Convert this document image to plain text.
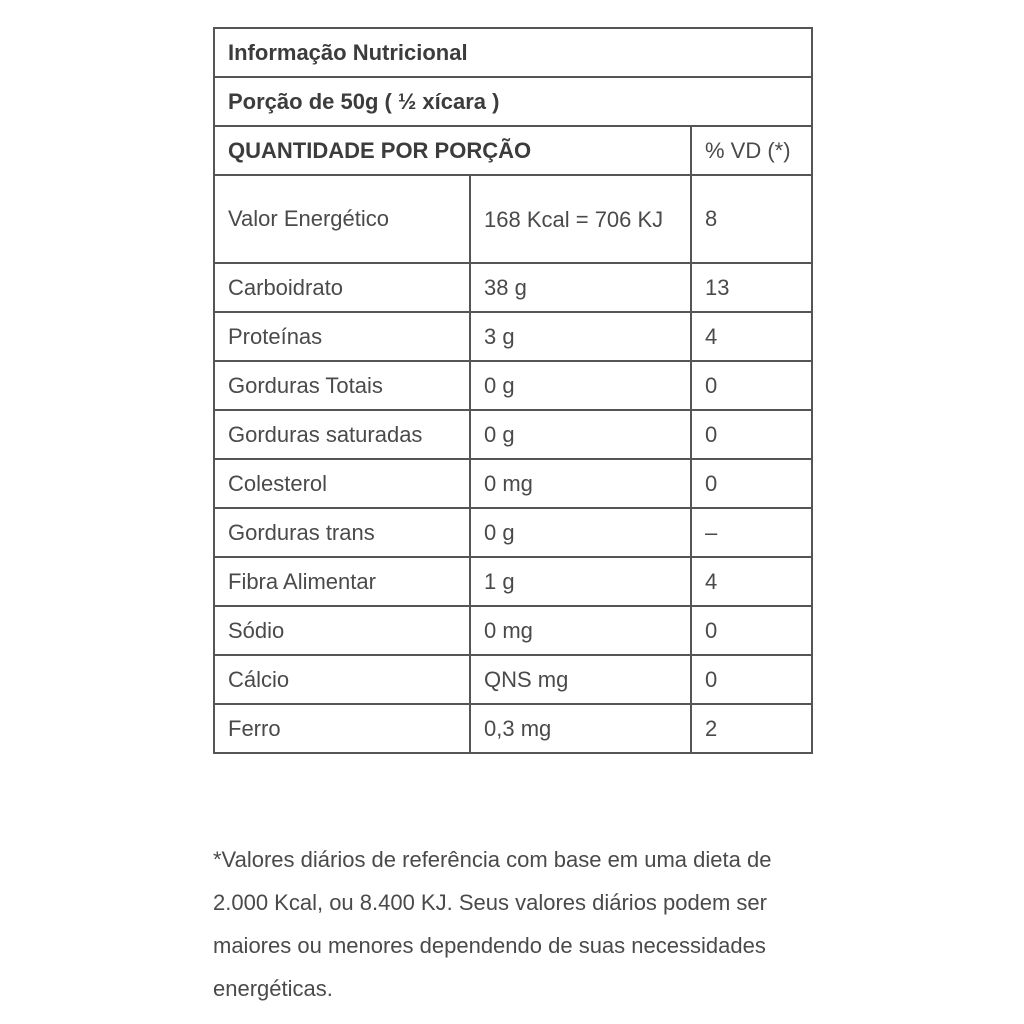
Informação Nutricional		
Porção de 50g ( ½ xícara )		
QUANTIDADE POR PORÇÃO		% VD (*)
Valor Energético	168 Kcal = 706 KJ	8
Carboidrato	38 g	13
Proteínas	3 g	4
Gorduras Totais	0 g	0
Gorduras saturadas	0 g	0
Colesterol	0 mg	0
Gorduras trans	0 g	–
Fibra Alimentar	1 g	4
Sódio	0 mg	0
Cálcio	QNS mg	0
Ferro	0,3 mg	2

*Valores diários de referência com base em uma dieta de 2.000 Kcal, ou 8.400 KJ. Seus valores diários podem ser maiores ou menores dependendo de suas necessidades energéticas.
